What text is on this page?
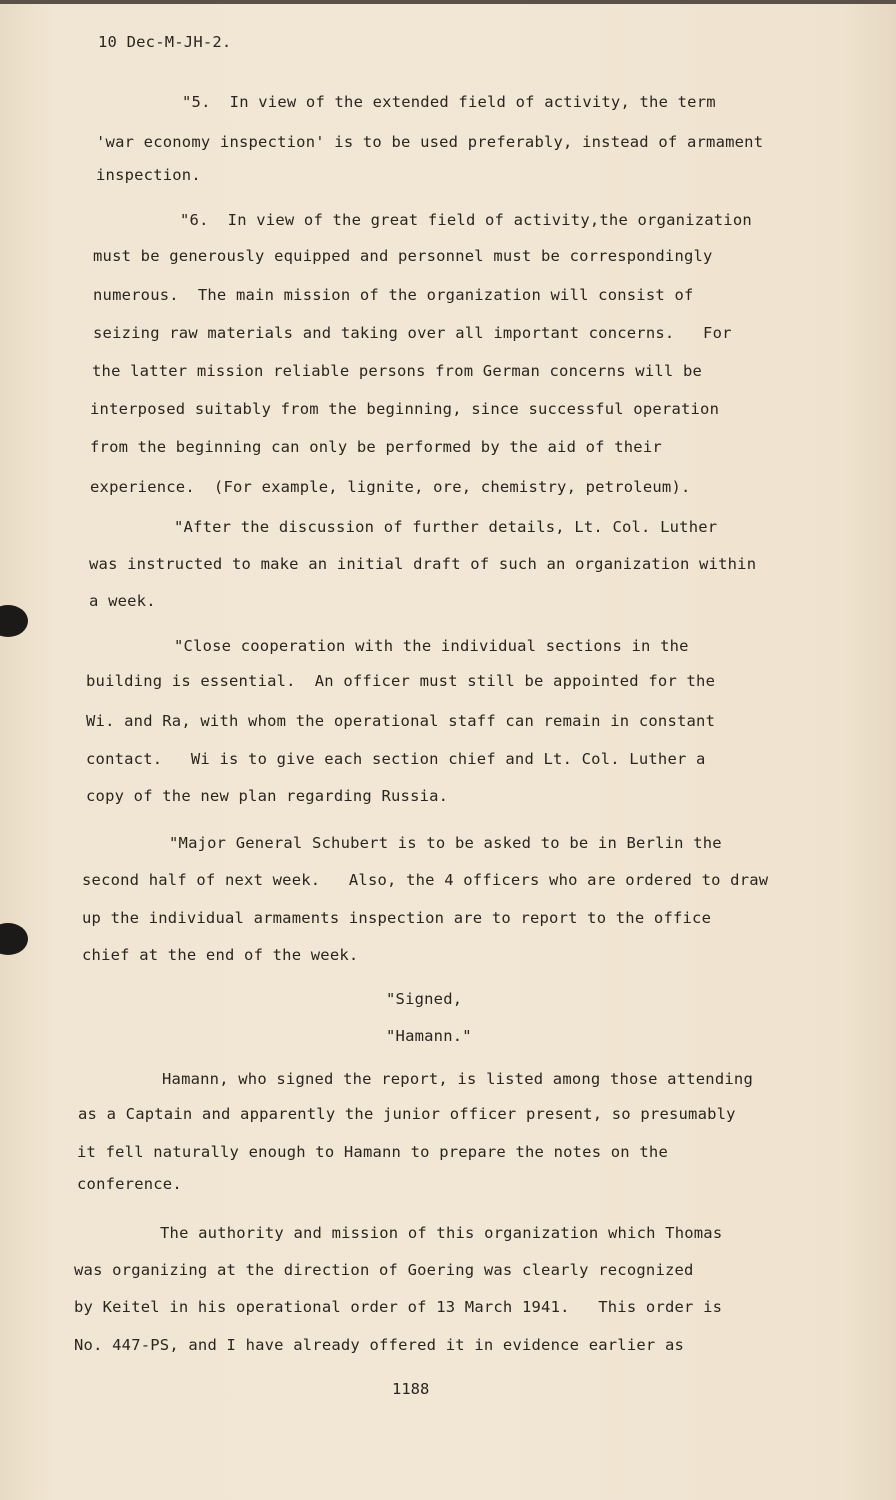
10 Dec-M-JH-2.
"5.  In view of the extended field of activity, the term
'war economy inspection' is to be used preferably, instead of armament
inspection.
"6.  In view of the great field of activity,the organization
must be generously equipped and personnel must be correspondingly
numerous.  The main mission of the organization will consist of
seizing raw materials and taking over all important concerns.   For
the latter mission reliable persons from German concerns will be
interposed suitably from the beginning, since successful operation
from the beginning can only be performed by the aid of their
experience.  (For example, lignite, ore, chemistry, petroleum).
"After the discussion of further details, Lt. Col. Luther
was instructed to make an initial draft of such an organization within
a week.
"Close cooperation with the individual sections in the
building is essential.  An officer must still be appointed for the
Wi. and Ra, with whom the operational staff can remain in constant
contact.   Wi is to give each section chief and Lt. Col. Luther a
copy of the new plan regarding Russia.
"Major General Schubert is to be asked to be in Berlin the
second half of next week.   Also, the 4 officers who are ordered to draw
up the individual armaments inspection are to report to the office
chief at the end of the week.
"Signed,
"Hamann."
Hamann, who signed the report, is listed among those attending
as a Captain and apparently the junior officer present, so presumably
it fell naturally enough to Hamann to prepare the notes on the
conference.
The authority and mission of this organization which Thomas
was organizing at the direction of Goering was clearly recognized
by Keitel in his operational order of 13 March 1941.   This order is
No. 447-PS, and I have already offered it in evidence earlier as
1188
